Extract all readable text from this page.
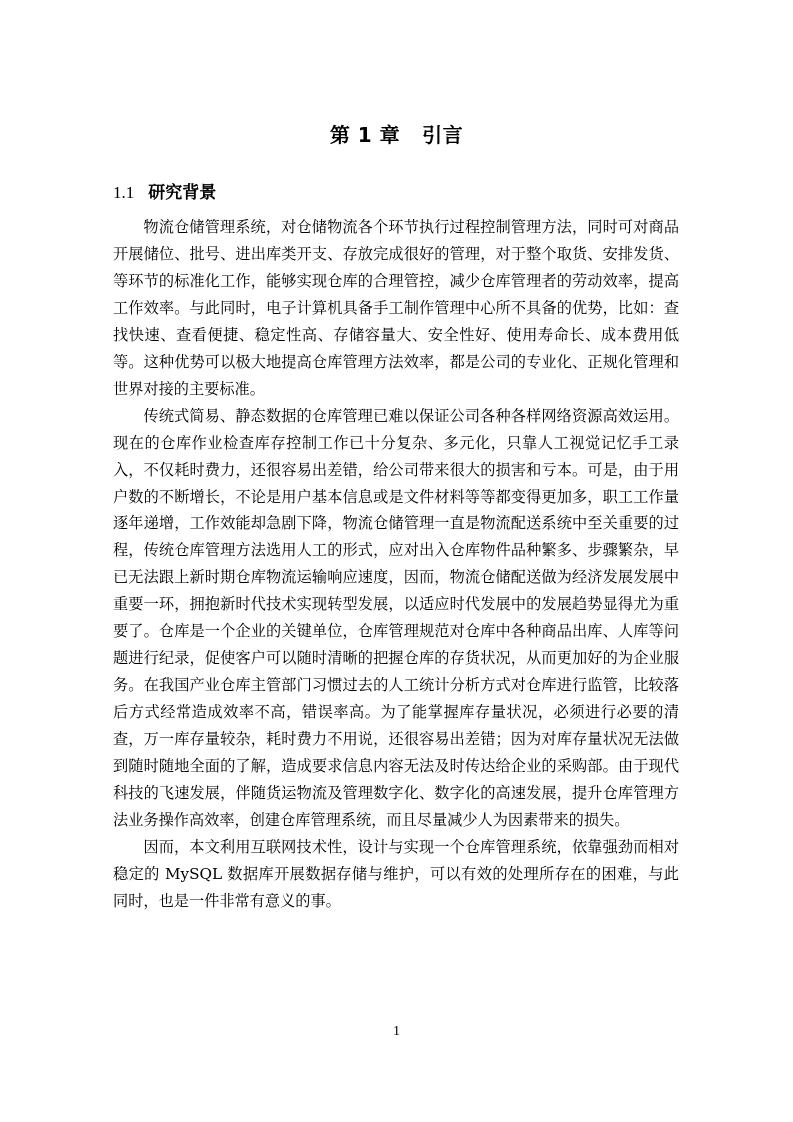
第 1 章 引言
1.1 研究背景

物流仓储管理系统，对仓储物流各个环节执行过程控制管理方法，同时可对商品开展储位、批号、进出库类开支、存放完成很好的管理，对于整个取货、安排发货、等环节的标准化工作，能够实现仓库的合理管控，减少仓库管理者的劳动效率，提高工作效率。与此同时，电子计算机具备手工制作管理中心所不具备的优势，比如：查找快速、查看便捷、稳定性高、存储容量大、安全性好、使用寿命长、成本费用低等。这种优势可以极大地提高仓库管理方法效率，都是公司的专业化、正规化管理和世界对接的主要标准。

传统式简易、静态数据的仓库管理已难以保证公司各种各样网络资源高效运用。现在的仓库作业检查库存控制工作已十分复杂、多元化，只靠人工视觉记忆手工录入，不仅耗时费力，还很容易出差错，给公司带来很大的损害和亏本。可是，由于用户数的不断增长，不论是用户基本信息或是文件材料等等都变得更加多，职工工作量逐年递增，工作效能却急剧下降，物流仓储管理一直是物流配送系统中至关重要的过程，传统仓库管理方法选用人工的形式，应对出入仓库物件品种繁多、步骤繁杂，早已无法跟上新时期仓库物流运输响应速度，因而，物流仓储配送做为经济发展发展中重要一环，拥抱新时代技术实现转型发展，以适应时代发展中的发展趋势显得尤为重要了。仓库是一个企业的关键单位，仓库管理规范对仓库中各种商品出库、人库等问题进行纪录，促使客户可以随时清晰的把握仓库的存货状况，从而更加好的为企业服务。在我国产业仓库主管部门习惯过去的人工统计分析方式对仓库进行监管，比较落后方式经常造成效率不高，错误率高。为了能掌握库存量状况，必须进行必要的清查，万一库存量较杂，耗时费力不用说，还很容易出差错；因为对库存量状况无法做到随时随地全面的了解，造成要求信息内容无法及时传达给企业的采购部。由于现代科技的飞速发展，伴随货运物流及管理数字化、数字化的高速发展，提升仓库管理方法业务操作高效率，创建仓库管理系统，而且尽量减少人为因素带来的损失。

因而，本文利用互联网技术性，设计与实现一个仓库管理系统，依靠强劲而相对稳定的 MySQL 数据库开展数据存储与维护，可以有效的处理所存在的困难，与此同时，也是一件非常有意义的事。

1
